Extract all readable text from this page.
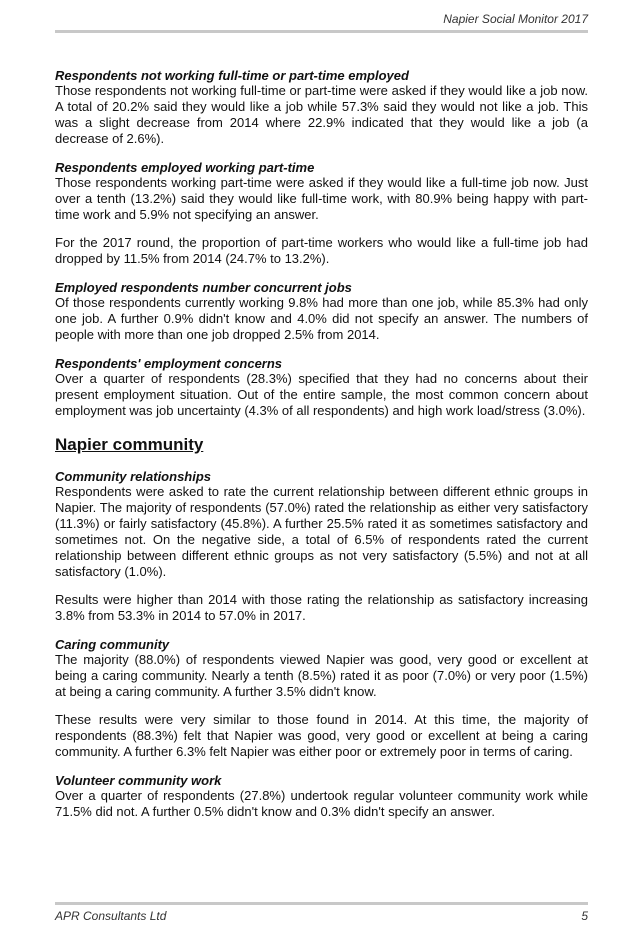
Napier Social Monitor 2017

Respondents not working full-time or part-time employed

Those respondents not working full-time or part-time were asked if they would like a job now. A total of 20.2% said they would like a job while 57.3% said they would not like a job. This was a slight decrease from 2014 where 22.9% indicated that they would like a job (a decrease of 2.6%).

Respondents employed working part-time

Those respondents working part-time were asked if they would like a full-time job now. Just over a tenth (13.2%) said they would like full-time work, with 80.9% being happy with part-time work and 5.9% not specifying an answer.

For the 2017 round, the proportion of part-time workers who would like a full-time job had dropped by 11.5% from 2014 (24.7% to 13.2%).

Employed respondents number concurrent jobs

Of those respondents currently working 9.8% had more than one job, while 85.3% had only one job. A further 0.9% didn't know and 4.0% did not specify an answer. The numbers of people with more than one job dropped 2.5% from 2014.

Respondents' employment concerns

Over a quarter of respondents (28.3%) specified that they had no concerns about their present employment situation. Out of the entire sample, the most common concern about employment was job uncertainty (4.3% of all respondents) and high work load/stress (3.0%).

Napier community

Community relationships

Respondents were asked to rate the current relationship between different ethnic groups in Napier. The majority of respondents (57.0%) rated the relationship as either very satisfactory (11.3%) or fairly satisfactory (45.8%). A further 25.5% rated it as sometimes satisfactory and sometimes not. On the negative side, a total of 6.5% of respondents rated the current relationship between different ethnic groups as not very satisfactory (5.5%) and not at all satisfactory (1.0%).

Results were higher than 2014 with those rating the relationship as satisfactory increasing 3.8% from 53.3% in 2014 to 57.0% in 2017.

Caring community

The majority (88.0%) of respondents viewed Napier was good, very good or excellent at being a caring community. Nearly a tenth (8.5%) rated it as poor (7.0%) or very poor (1.5%) at being a caring community. A further 3.5% didn't know.

These results were very similar to those found in 2014. At this time, the majority of respondents (88.3%) felt that Napier was good, very good or excellent at being a caring community. A further 6.3% felt Napier was either poor or extremely poor in terms of caring.

Volunteer community work

Over a quarter of respondents (27.8%) undertook regular volunteer community work while 71.5% did not. A further 0.5% didn't know and 0.3% didn't specify an answer.

APR Consultants Ltd	5
